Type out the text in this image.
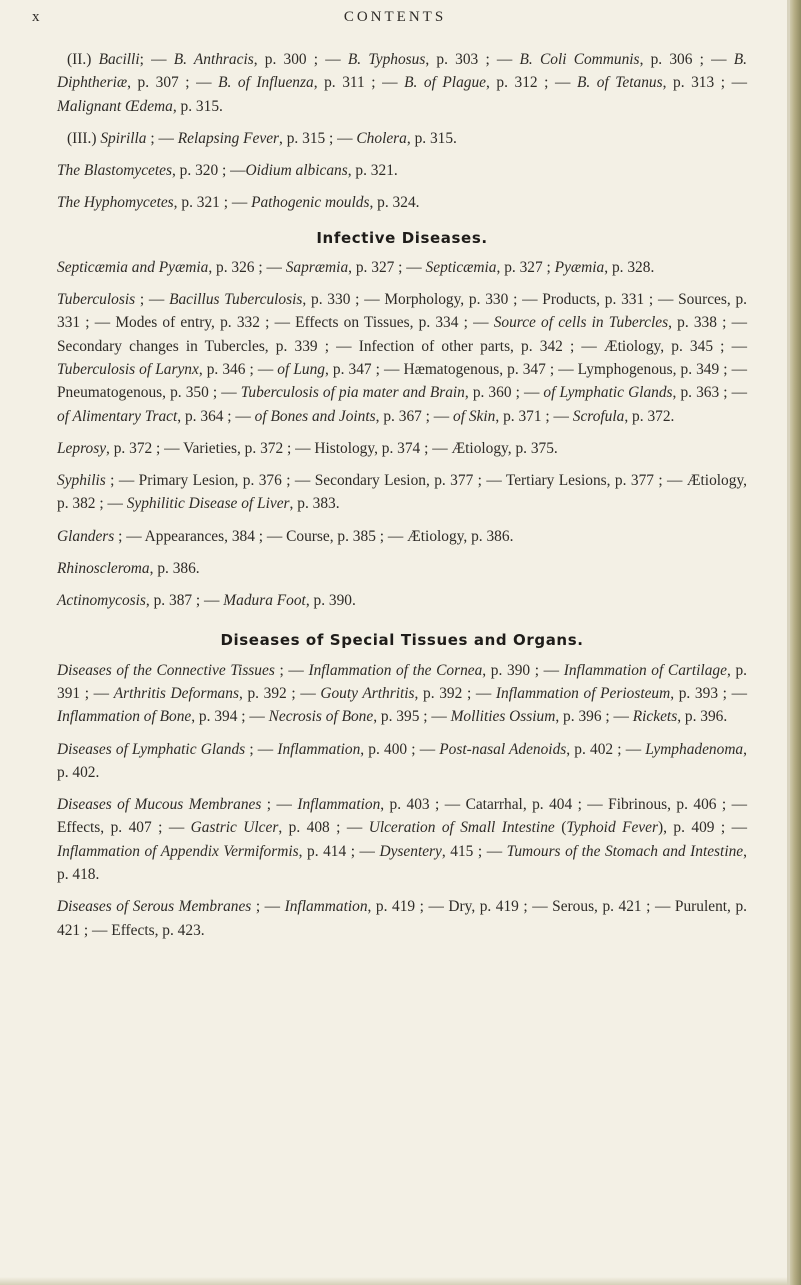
x	CONTENTS

(II.) Bacilli; — B. Anthracis, p. 300 ; — B. Typhosus, p. 303 ; — B. Coli Communis, p. 306 ; — B. Diphtheriæ, p. 307 ; — B. of Influenza, p. 311 ; — B. of Plague, p. 312 ; — B. of Tetanus, p. 313 ; — Malignant Œdema, p. 315.

(III.) Spirilla ; — Relapsing Fever, p. 315 ; — Cholera, p. 315.

The Blastomycetes, p. 320 ; —Oidium albicans, p. 321.

The Hyphomycetes, p. 321 ; — Pathogenic moulds, p. 324.

Infective Diseases.

Septicæmia and Pyæmia, p. 326 ; — Sapræmia, p. 327 ; — Septicæmia, p. 327 ; Pyæmia, p. 328.

Tuberculosis ; — Bacillus Tuberculosis, p. 330 ; — Morphology, p. 330 ; — Products, p. 331 ; — Sources, p. 331 ; — Modes of entry, p. 332 ; — Effects on Tissues, p. 334 ; — Source of cells in Tubercles, p. 338 ; — Secondary changes in Tubercles, p. 339 ; — Infection of other parts, p. 342 ; — Ætiology, p. 345 ; — Tuberculosis of Larynx, p. 346 ; — of Lung, p. 347 ; — Hæmatogenous, p. 347 ; — Lymphogenous, p. 349 ; — Pneumatogenous, p. 350 ; — Tuberculosis of pia mater and Brain, p. 360 ; — of Lymphatic Glands, p. 363 ; — of Alimentary Tract, p. 364 ; — of Bones and Joints, p. 367 ; — of Skin, p. 371 ; — Scrofula, p. 372.

Leprosy, p. 372 ; — Varieties, p. 372 ; — Histology, p. 374 ; — Ætiology, p. 375.

Syphilis ; — Primary Lesion, p. 376 ; — Secondary Lesion, p. 377 ; — Tertiary Lesions, p. 377 ; — Ætiology, p. 382 ; — Syphilitic Disease of Liver, p. 383.

Glanders ; — Appearances, 384 ; — Course, p. 385 ; — Ætiology, p. 386.

Rhinoscleroma, p. 386.

Actinomycosis, p. 387 ; — Madura Foot, p. 390.

Diseases of Special Tissues and Organs.

Diseases of the Connective Tissues ; — Inflammation of the Cornea, p. 390 ; — Inflammation of Cartilage, p. 391 ; — Arthritis Deformans, p. 392 ; — Gouty Arthritis, p. 392 ; — Inflammation of Periosteum, p. 393 ; — Inflammation of Bone, p. 394 ; — Necrosis of Bone, p. 395 ; — Mollities Ossium, p. 396 ; — Rickets, p. 396.

Diseases of Lymphatic Glands ; — Inflammation, p. 400 ; — Post-nasal Adenoids, p. 402 ; — Lymphadenoma, p. 402.

Diseases of Mucous Membranes ; — Inflammation, p. 403 ; — Catarrhal, p. 404 ; — Fibrinous, p. 406 ; — Effects, p. 407 ; — Gastric Ulcer, p. 408 ; — Ulceration of Small Intestine (Typhoid Fever), p. 409 ; — Inflammation of Appendix Vermiformis, p. 414 ; — Dysentery, 415 ; — Tumours of the Stomach and Intestine, p. 418.

Diseases of Serous Membranes ; — Inflammation, p. 419 ; — Dry, p. 419 ; — Serous, p. 421 ; — Purulent, p. 421 ; — Effects, p. 423.
